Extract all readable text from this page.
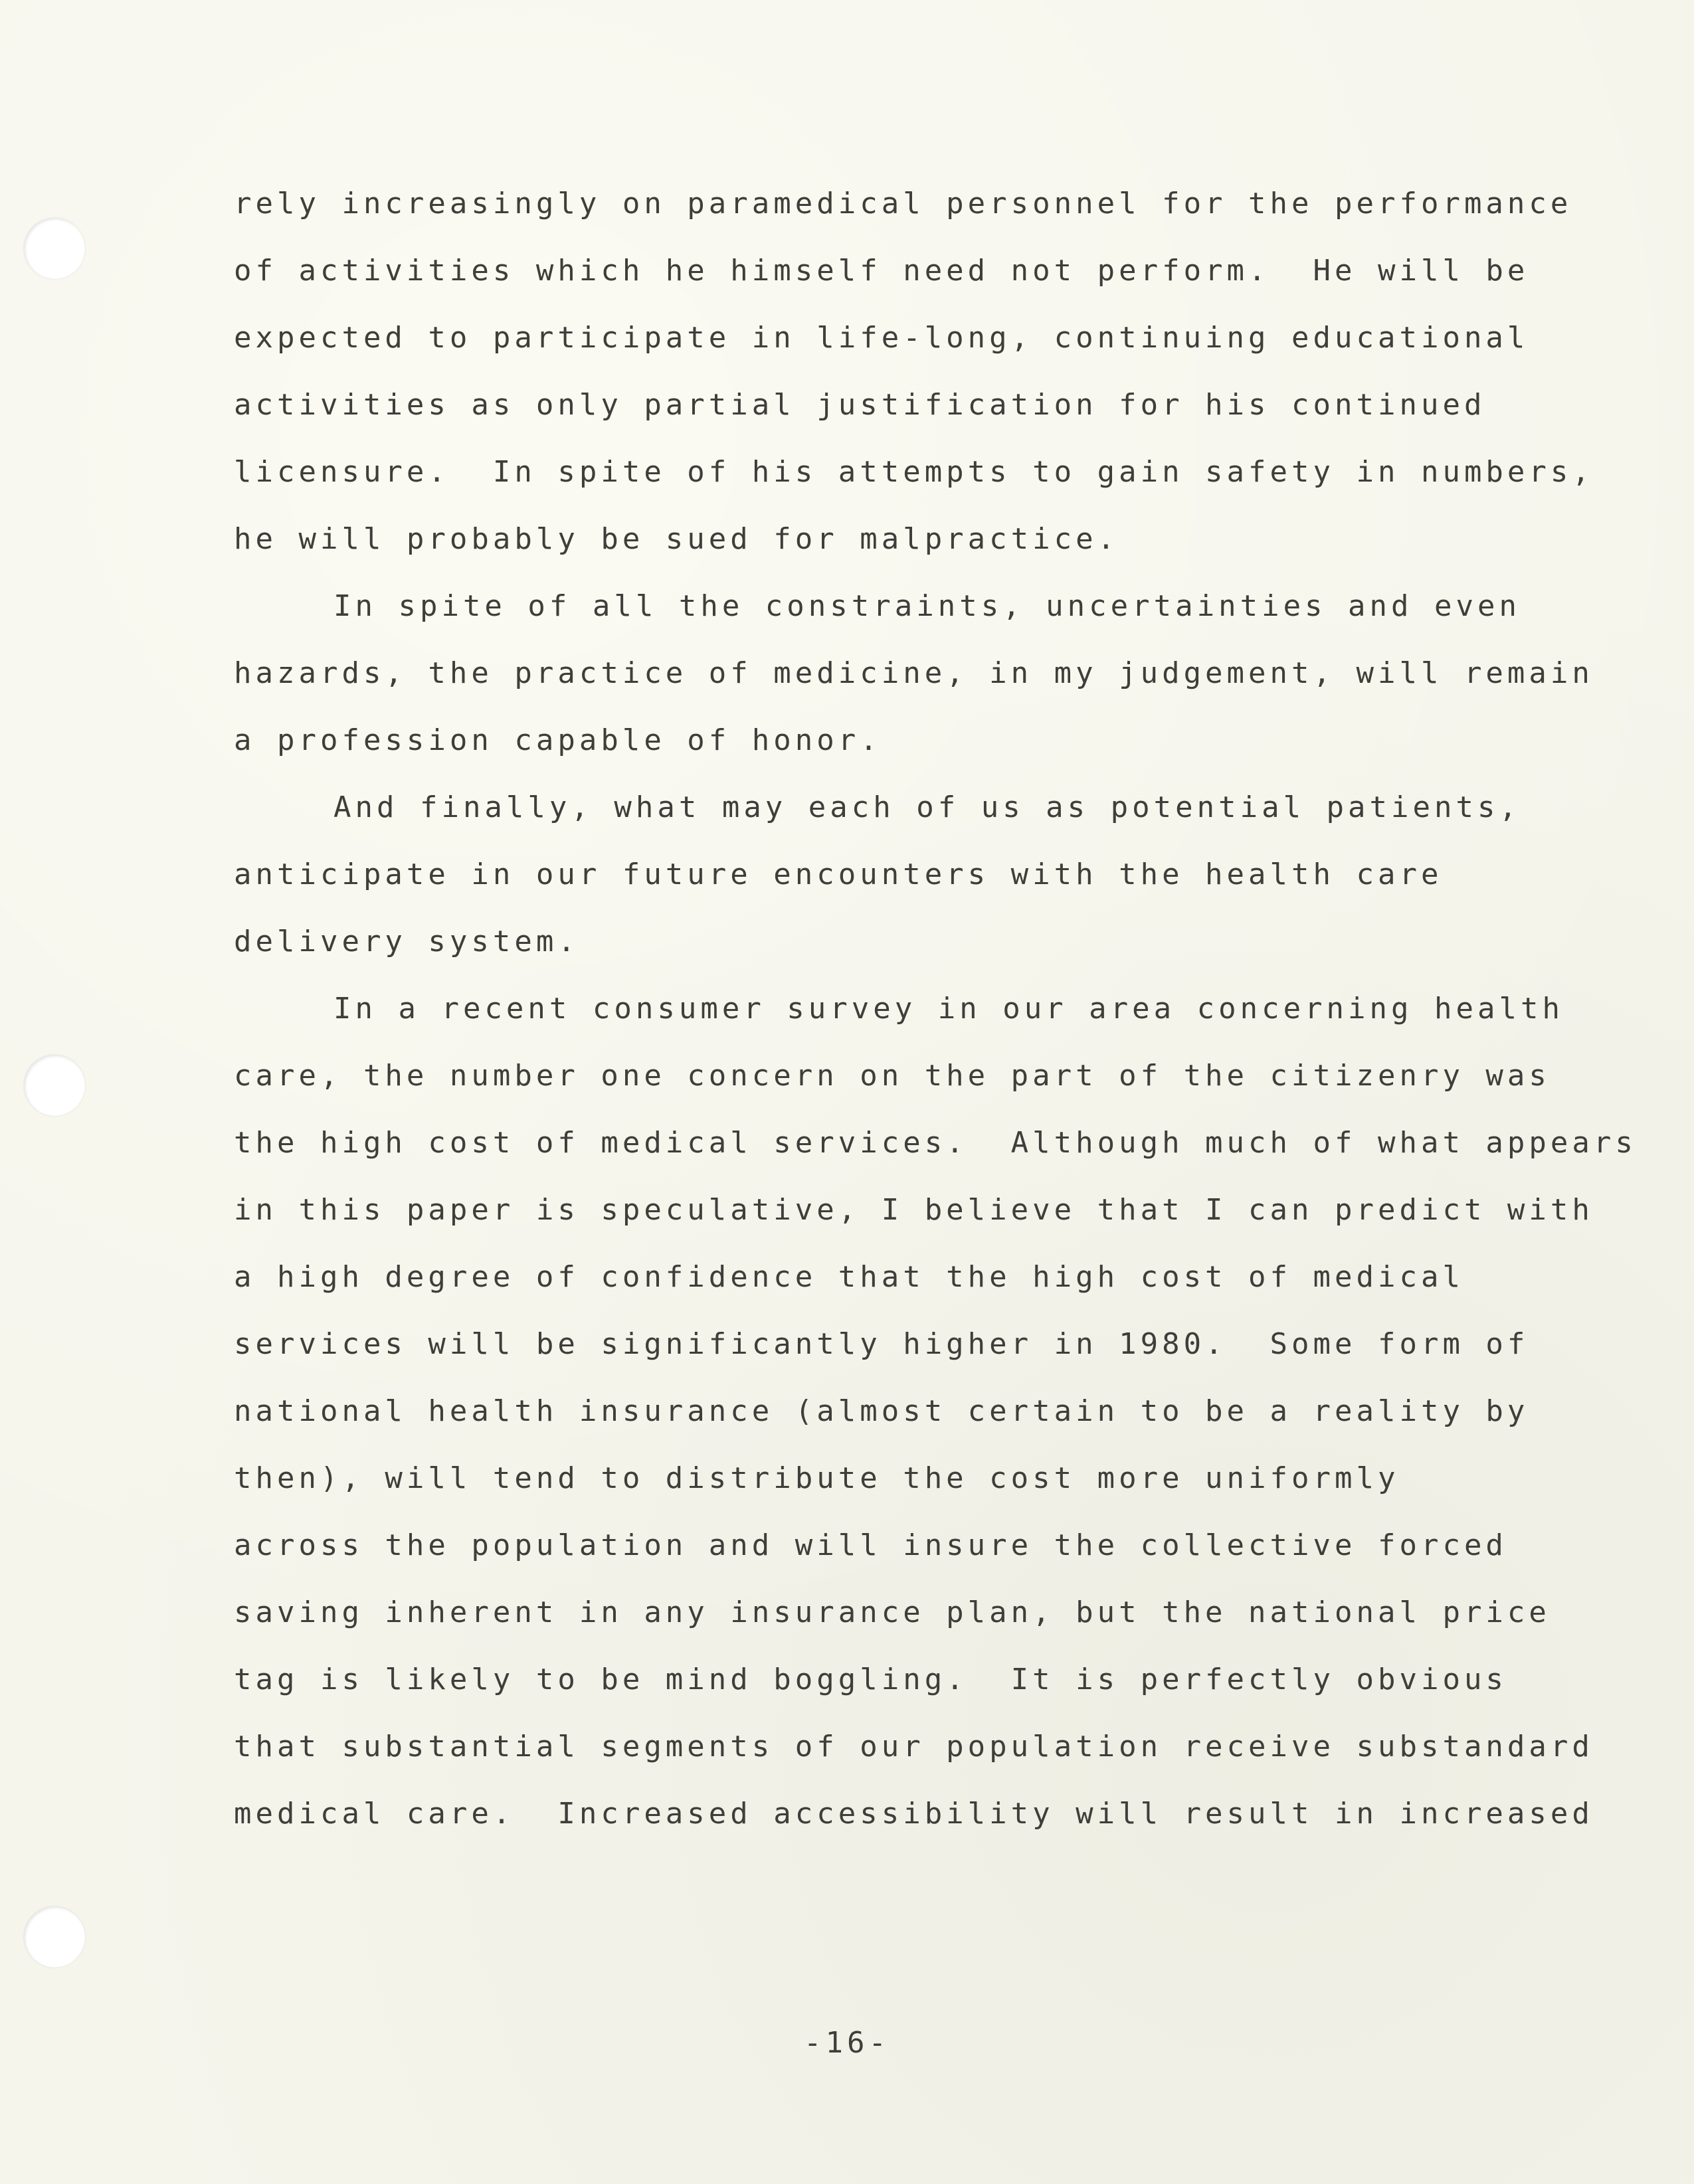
rely increasingly on paramedical personnel for the performance
of activities which he himself need not perform.  He will be
expected to participate in life-long, continuing educational
activities as only partial justification for his continued
licensure.  In spite of his attempts to gain safety in numbers,
he will probably be sued for malpractice.
In spite of all the constraints, uncertainties and even
hazards, the practice of medicine, in my judgement, will remain
a profession capable of honor.
And finally, what may each of us as potential patients,
anticipate in our future encounters with the health care
delivery system.
In a recent consumer survey in our area concerning health
care, the number one concern on the part of the citizenry was
the high cost of medical services.  Although much of what appears
in this paper is speculative, I believe that I can predict with
a high degree of confidence that the high cost of medical
services will be significantly higher in 1980.  Some form of
national health insurance (almost certain to be a reality by
then), will tend to distribute the cost more uniformly
across the population and will insure the collective forced
saving inherent in any insurance plan, but the national price
tag is likely to be mind boggling.  It is perfectly obvious
that substantial segments of our population receive substandard
medical care.  Increased accessibility will result in increased
-16-
